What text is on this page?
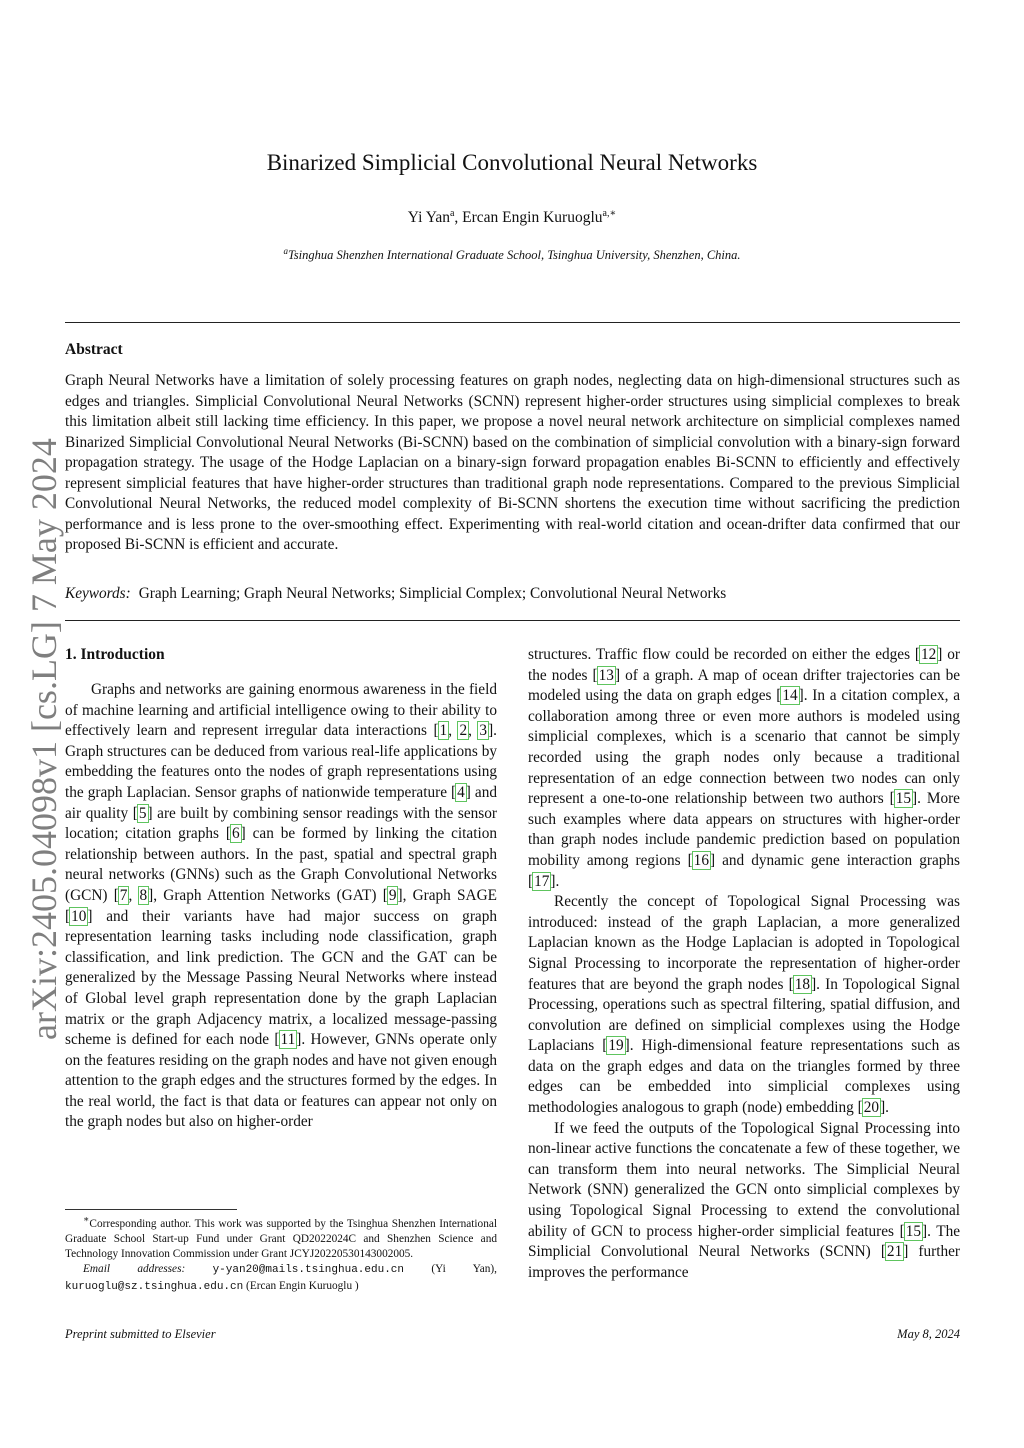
arXiv:2405.04098v1 [cs.LG] 7 May 2024
Binarized Simplicial Convolutional Neural Networks
Yi Yan$^a$, Ercan Engin Kuruoglu$^{a,∗}$
$^a$Tsinghua Shenzhen International Graduate School, Tsinghua University, Shenzhen, China.
Abstract
Graph Neural Networks have a limitation of solely processing features on graph nodes, neglecting data on high-dimensional structures such as edges and triangles. Simplicial Convolutional Neural Networks (SCNN) represent higher-order structures using simplicial complexes to break this limitation albeit still lacking time efficiency. In this paper, we propose a novel neural network architecture on simplicial complexes named Binarized Simplicial Convolutional Neural Networks (Bi-SCNN) based on the combination of simplicial convolution with a binary-sign forward propagation strategy. The usage of the Hodge Laplacian on a binary-sign forward propagation enables Bi-SCNN to efficiently and effectively represent simplicial features that have higher-order structures than traditional graph node representations. Compared to the previous Simplicial Convolutional Neural Networks, the reduced model complexity of Bi-SCNN shortens the execution time without sacrificing the prediction performance and is less prone to the over-smoothing effect. Experimenting with real-world citation and ocean-drifter data confirmed that our proposed Bi-SCNN is efficient and accurate.
Keywords: Graph Learning; Graph Neural Networks; Simplicial Complex; Convolutional Neural Networks
1. Introduction
Graphs and networks are gaining enormous awareness in the field of machine learning and artificial intelligence owing to their ability to effectively learn and represent irregular data interactions [1, 2, 3]. Graph structures can be deduced from various real-life applications by embedding the features onto the nodes of graph representations using the graph Laplacian. Sensor graphs of nationwide temperature [4] and air quality [5] are built by combining sensor readings with the sensor location; citation graphs [6] can be formed by linking the citation relationship between authors. In the past, spatial and spectral graph neural networks (GNNs) such as the Graph Convolutional Networks (GCN) [7, 8], Graph Attention Networks (GAT) [9], Graph SAGE [10] and their variants have had major success on graph representation learning tasks including node classification, graph classification, and link prediction. The GCN and the GAT can be generalized by the Message Passing Neural Networks where instead of Global level graph representation done by the graph Laplacian matrix or the graph Adjacency matrix, a localized message-passing scheme is defined for each node [11]. However, GNNs operate only on the features residing on the graph nodes and have not given enough attention to the graph edges and the structures formed by the edges. In the real world, the fact is that data or features can appear not only on the graph nodes but also on higher-order

structures. Traffic flow could be recorded on either the edges [12] or the nodes [13] of a graph. A map of ocean drifter trajectories can be modeled using the data on graph edges [14]. In a citation complex, a collaboration among three or even more authors is modeled using simplicial complexes, which is a scenario that cannot be simply recorded using the graph nodes only because a traditional representation of an edge connection between two nodes can only represent a one-to-one relationship between two authors [15]. More such examples where data appears on structures with higher-order than graph nodes include pandemic prediction based on population mobility among regions [16] and dynamic gene interaction graphs [17].

Recently the concept of Topological Signal Processing was introduced: instead of the graph Laplacian, a more generalized Laplacian known as the Hodge Laplacian is adopted in Topological Signal Processing to incorporate the representation of higher-order features that are beyond the graph nodes [18]. In Topological Signal Processing, operations such as spectral filtering, spatial diffusion, and convolution are defined on simplicial complexes using the Hodge Laplacians [19]. High-dimensional feature representations such as data on the graph edges and data on the triangles formed by three edges can be embedded into simplicial complexes using methodologies analogous to graph (node) embedding [20].

If we feed the outputs of the Topological Signal Processing into non-linear active functions the concatenate a few of these together, we can transform them into neural networks. The Simplicial Neural Network (SNN) generalized the GCN onto simplicial complexes by using Topological Signal Processing to extend the convolutional ability of GCN to process higher-order simplicial features [15]. The Simplicial Convolutional Neural Networks (SCNN) [21] further improves the performance

∗Corresponding author. This work was supported by the Tsinghua Shenzhen International Graduate School Start-up Fund under Grant QD2022024C and Shenzhen Science and Technology Innovation Commission under Grant JCYJ20220530143002005.

Email addresses: y-yan20@mails.tsinghua.edu.cn (Yi Yan), kuruoglu@sz.tsinghua.edu.cn (Ercan Engin Kuruoglu )

Preprint submitted to Elsevier	May 8, 2024
